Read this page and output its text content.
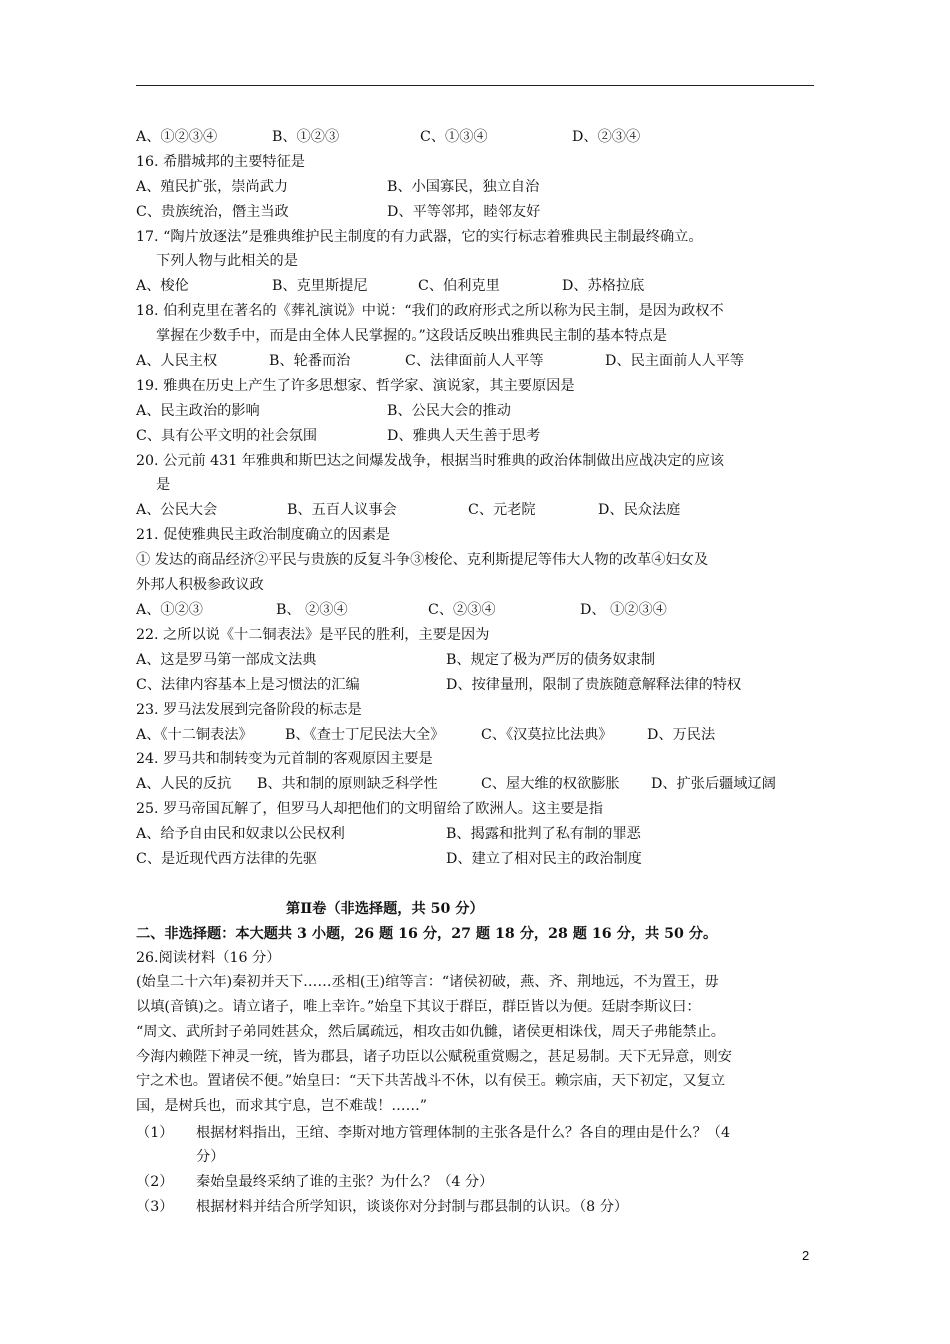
A、①②③④	B、①②③	C、①③④	D、②③④
16. 希腊城邦的主要特征是
A、殖民扩张，崇尚武力	B、小国寡民，独立自治
C、贵族统治，僭主当政	D、平等邻邦，睦邻友好
17. “陶片放逐法”是雅典维护民主制度的有力武器，它的实行标志着雅典民主制最终确立。
下列人物与此相关的是
A、梭伦	B、克里斯提尼	C、伯利克里	D、苏格拉底
18. 伯利克里在著名的《葬礼演说》中说：“我们的政府形式之所以称为民主制，是因为政权不
掌握在少数手中，而是由全体人民掌握的。”这段话反映出雅典民主制的基本特点是
A、人民主权	B、轮番而治	C、法律面前人人平等	D、民主面前人人平等
19. 雅典在历史上产生了许多思想家、哲学家、演说家，其主要原因是
A、民主政治的影响	B、公民大会的推动
C、具有公平文明的社会氛围	D、雅典人天生善于思考
20. 公元前 431 年雅典和斯巴达之间爆发战争，根据当时雅典的政治体制做出应战决定的应该
是
A、公民大会	B、五百人议事会	C、元老院	D、民众法庭
21. 促使雅典民主政治制度确立的因素是
① 发达的商品经济②平民与贵族的反复斗争③梭伦、克利斯提尼等伟大人物的改革④妇女及
外邦人积极参政议政
A、①②③	B、 ②③④	C、②③④	D、 ①②③④
22. 之所以说《十二铜表法》是平民的胜利，主要是因为
A、这是罗马第一部成文法典	B、规定了极为严厉的债务奴隶制
C、法律内容基本上是习惯法的汇编	D、按律量刑，限制了贵族随意解释法律的特权
23. 罗马法发展到完备阶段的标志是
A、《十二铜表法》	B、《查士丁尼民法大全》	C、《汉莫拉比法典》	D、万民法
24. 罗马共和制转变为元首制的客观原因主要是
A、人民的反抗	B、共和制的原则缺乏科学性	C、屋大维的权欲膨胀	D、扩张后疆域辽阔
25. 罗马帝国瓦解了，但罗马人却把他们的文明留给了欧洲人。这主要是指
A、给予自由民和奴隶以公民权利	B、揭露和批判了私有制的罪恶
C、是近现代西方法律的先驱	D、建立了相对民主的政治制度
第Ⅱ卷（非选择题，共 50 分）
二、非选择题：本大题共 3 小题，26 题 16 分，27 题 18 分，28 题 16 分，共 50 分。
26.阅读材料（16 分）
(始皇二十六年)秦初并天下……丞相(王)绾等言：“诸侯初破，燕、齐、荆地远，不为置王，毋
以填(音镇)之。请立诸子，唯上幸许。”始皇下其议于群臣，群臣皆以为便。廷尉李斯议曰：
“周文、武所封子弟同姓甚众，然后属疏远，相攻击如仇雠，诸侯更相诛伐，周天子弗能禁止。
今海内赖陛下神灵一统，皆为郡县，诸子功臣以公赋税重赏赐之，甚足易制。天下无异意，则安
宁之术也。置诸侯不便。”始皇曰：“天下共苦战斗不休，以有侯王。赖宗庙，天下初定，又复立
国，是树兵也，而求其宁息，岂不难哉！……”
（1） 根据材料指出，王绾、李斯对地方管理体制的主张各是什么？各自的理由是什么？（4
分）
（2） 秦始皇最终采纳了谁的主张？为什么？（4 分）
（3） 根据材料并结合所学知识，谈谈你对分封制与郡县制的认识。（8 分）
2
